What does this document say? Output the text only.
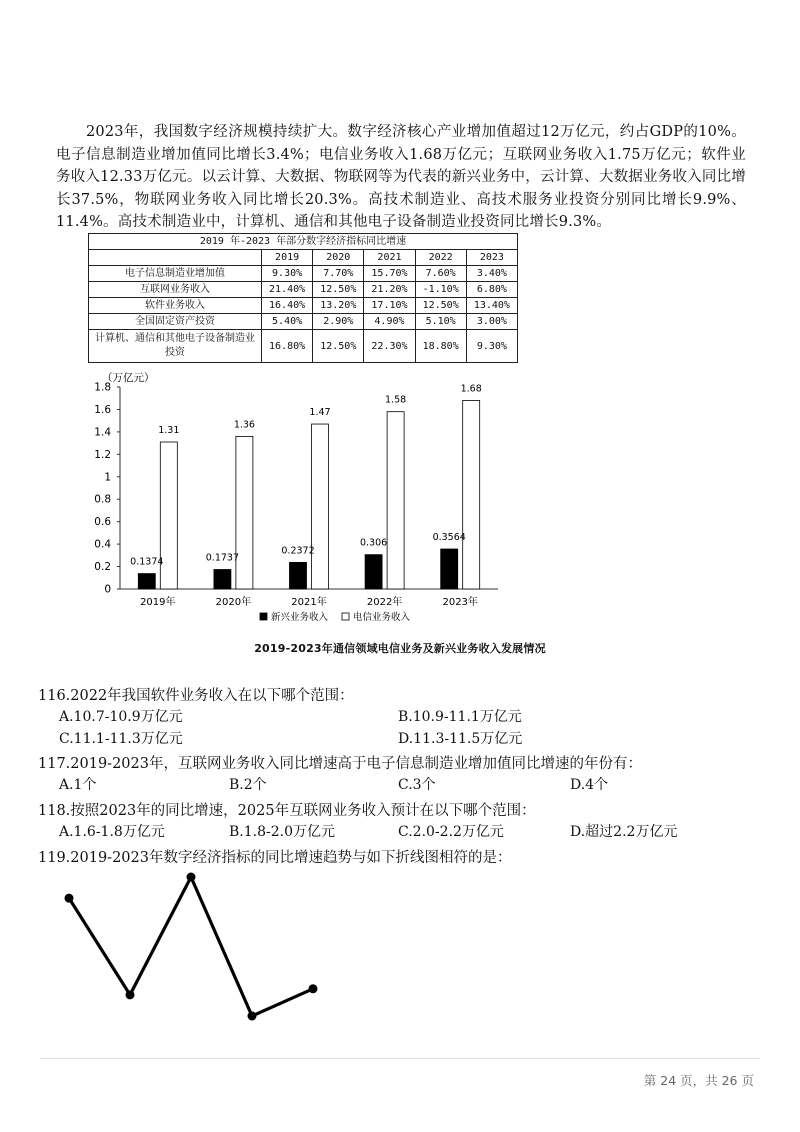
2023年，我国数字经济规模持续扩大。数字经济核心产业增加值超过12万亿元，约占GDP的10%。电子信息制造业增加值同比增长3.4%；电信业务收入1.68万亿元；互联网业务收入1.75万亿元；软件业务收入12.33万亿元。以云计算、大数据、物联网等为代表的新兴业务中，云计算、大数据业务收入同比增长37.5%，物联网业务收入同比增长20.3%。高技术制造业、高技术服务业投资分别同比增长9.9%、11.4%。高技术制造业中，计算机、通信和其他电子设备制造业投资同比增长9.3%。

2019 年-2023 年部分数字经济指标同比增速					
	2019	2020	2021	2022	2023
电子信息制造业增加值	9.30%	7.70%	15.70%	7.60%	3.40%
互联网业务收入	21.40%	12.50%	21.20%	-1.10%	6.80%
软件业务收入	16.40%	13.20%	17.10%	12.50%	13.40%
全国固定资产投资	5.40%	2.90%	4.90%	5.10%	3.00%
计算机、通信和其他电子设备制造业投资	16.80%	12.50%	22.30%	18.80%	9.30%
（万亿元）
0
0.2
0.4
0.6
0.8
1
1.2
1.4
1.6
1.8
0.1374
1.31
2019年
0.1737
1.36
2020年
0.2372
1.47
2021年
0.306
1.58
2022年
0.3564
1.68
2023年
新兴业务收入	电信业务收入
2019-2023年通信领域电信业务及新兴业务收入发展情况

116.2022年我国软件业务收入在以下哪个范围：

A.10.7-10.9万亿元	B.10.9-11.1万亿元

C.11.1-11.3万亿元	D.11.3-11.5万亿元

117.2019-2023年，互联网业务收入同比增速高于电子信息制造业增加值同比增速的年份有：

A.1个	B.2个	C.3个	D.4个

118.按照2023年的同比增速，2025年互联网业务收入预计在以下哪个范围：

A.1.6-1.8万亿元	B.1.8-2.0万亿元	C.2.0-2.2万亿元	D.超过2.2万亿元

119.2019-2023年数字经济指标的同比增速趋势与如下折线图相符的是：

第 24 页，共 26 页
